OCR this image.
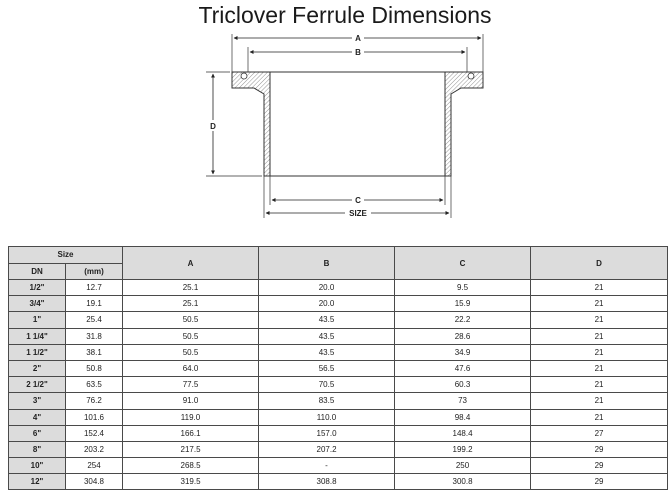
Triclover Ferrule Dimensions
A
B
D
C
SIZE
Size		A	B	C	D
DN	(mm)				
1/2"	12.7	25.1	20.0	9.5	21
3/4"	19.1	25.1	20.0	15.9	21
1"	25.4	50.5	43.5	22.2	21
1 1/4"	31.8	50.5	43.5	28.6	21
1 1/2"	38.1	50.5	43.5	34.9	21
2"	50.8	64.0	56.5	47.6	21
2 1/2"	63.5	77.5	70.5	60.3	21
3"	76.2	91.0	83.5	73	21
4"	101.6	119.0	110.0	98.4	21
6"	152.4	166.1	157.0	148.4	27
8"	203.2	217.5	207.2	199.2	29
10"	254	268.5	-	250	29
12"	304.8	319.5	308.8	300.8	29
